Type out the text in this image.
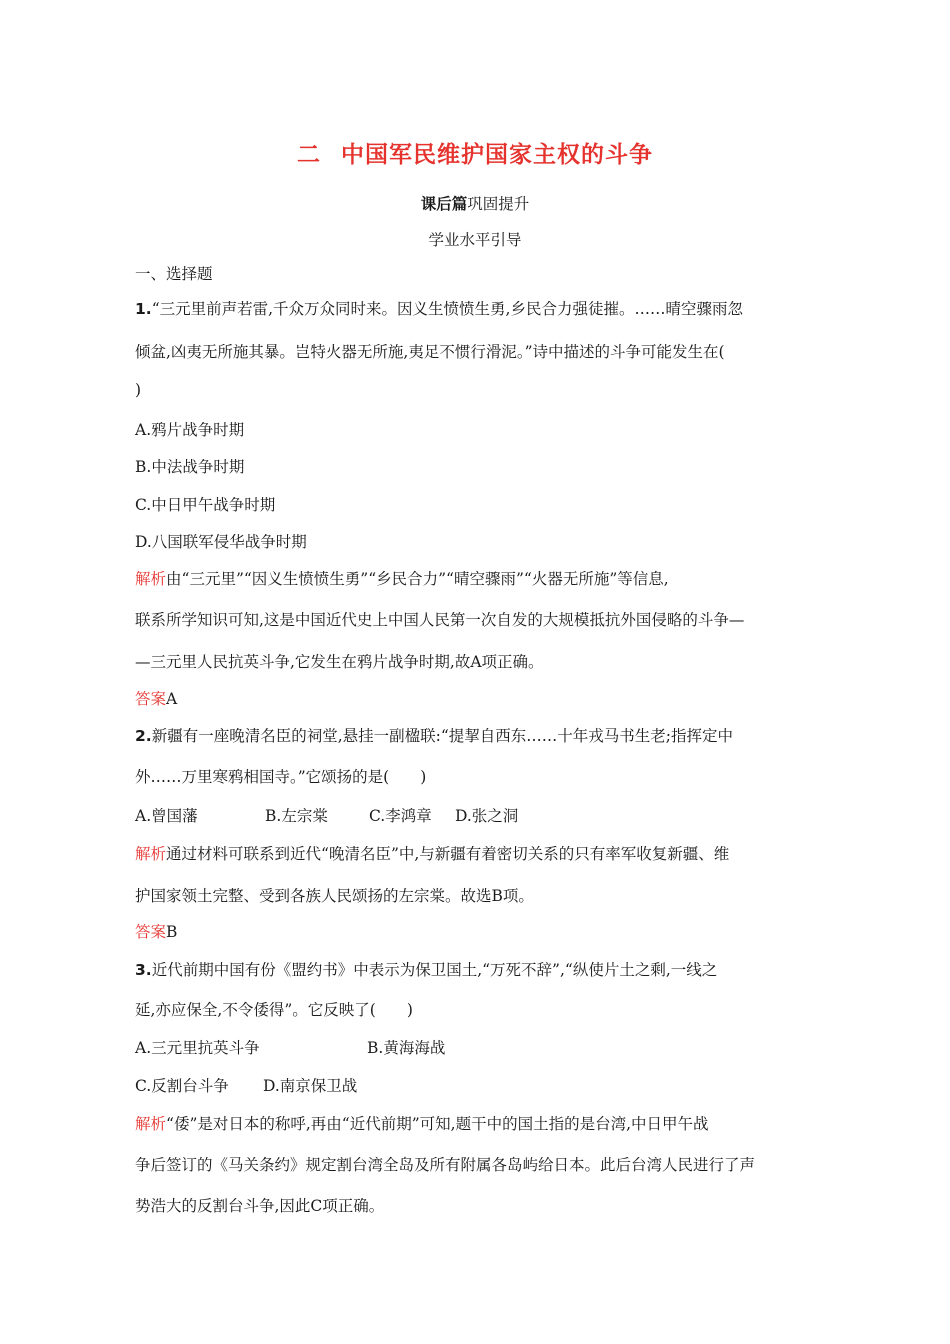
二 中国军民维护国家主权的斗争
课后篇巩固提升
学业水平引导
一、选择题
1.“三元里前声若雷,千众万众同时来。因义生愤愤生勇,乡民合力强徒摧。……晴空骤雨忽
倾盆,凶夷无所施其暴。岂特火器无所施,夷足不惯行滑泥。”诗中描述的斗争可能发生在(
)
A.鸦片战争时期
B.中法战争时期
C.中日甲午战争时期
D.八国联军侵华战争时期
解析由“三元里”“因义生愤愤生勇”“乡民合力”“晴空骤雨”“火器无所施”等信息,
联系所学知识可知,这是中国近代史上中国人民第一次自发的大规模抵抗外国侵略的斗争—
—三元里人民抗英斗争,它发生在鸦片战争时期,故A项正确。
答案A
2.新疆有一座晚清名臣的祠堂,悬挂一副楹联:“提挈自西东……十年戎马书生老;指挥定中
外……万里寒鸦相国寺。”它颂扬的是(　　)
A.曾国藩	B.左宗棠	C.李鸿章 D.张之洞
解析通过材料可联系到近代“晚清名臣”中,与新疆有着密切关系的只有率军收复新疆、维
护国家领土完整、受到各族人民颂扬的左宗棠。故选B项。
答案B
3.近代前期中国有份《盟约书》中表示为保卫国土,“万死不辞”,“纵使片土之剩,一线之
延,亦应保全,不令倭得”。它反映了(　　)
A.三元里抗英斗争	B.黄海海战
C.反割台斗争 D.南京保卫战
解析“倭”是对日本的称呼,再由“近代前期”可知,题干中的国土指的是台湾,中日甲午战
争后签订的《马关条约》规定割台湾全岛及所有附属各岛屿给日本。此后台湾人民进行了声
势浩大的反割台斗争,因此C项正确。
